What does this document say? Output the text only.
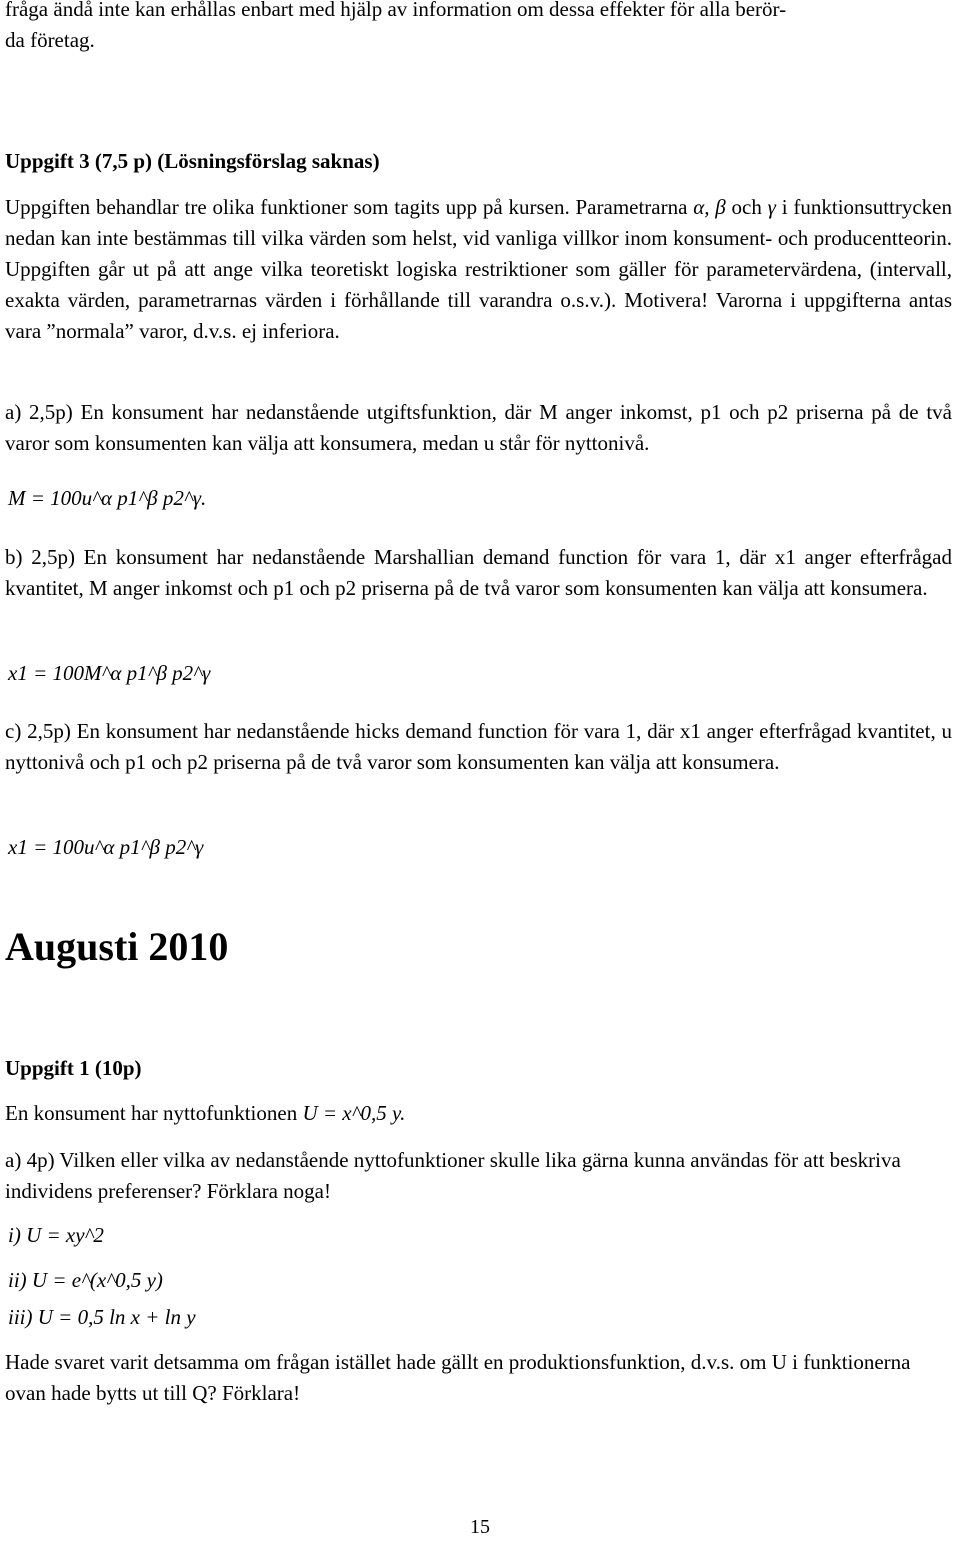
fråga ändå inte kan erhållas enbart med hjälp av information om dessa effekter för alla berör-

da företag.

Uppgift 3 (7,5 p) (Lösningsförslag saknas)
Uppgiften behandlar tre olika funktioner som tagits upp på kursen. Parametrarna α, β och γ i funktionsuttrycken nedan kan inte bestämmas till vilka värden som helst, vid vanliga villkor inom konsument- och producentteorin. Uppgiften går ut på att ange vilka teoretiskt logiska restriktioner som gäller för parametervärdena, (intervall, exakta värden, parametrarnas värden i förhållande till varandra o.s.v.). Motivera! Varorna i uppgifterna antas vara ”normala” varor, d.v.s. ej inferiora.
a) 2,5p) En konsument har nedanstående utgiftsfunktion, där M anger inkomst, p1 och p2 priserna på de två varor som konsumenten kan välja att konsumera, medan u står för nyttonivå.
M = 100u^α p1^β p2^γ.
b) 2,5p) En konsument har nedanstående Marshallian demand function för vara 1, där x1 anger efterfrågad kvantitet, M anger inkomst och p1 och p2 priserna på de två varor som konsumenten kan välja att konsumera.
x1 = 100M^α p1^β p2^γ
c) 2,5p) En konsument har nedanstående hicks demand function för vara 1, där x1 anger efterfrågad kvantitet, u nyttonivå och p1 och p2 priserna på de två varor som konsumenten kan välja att konsumera.
x1 = 100u^α p1^β p2^γ
Augusti 2010
Uppgift 1 (10p)
En konsument har nyttofunktionen U = x^0,5 y.
a) 4p) Vilken eller vilka av nedanstående nyttofunktioner skulle lika gärna kunna användas för att beskriva individens preferenser? Förklara noga!
i) U = xy^2
ii) U = e^(x^0,5 y)
iii) U = 0,5 ln x + ln y
Hade svaret varit detsamma om frågan istället hade gällt en produktionsfunktion, d.v.s. om U i funktionerna ovan hade bytts ut till Q? Förklara!
15
